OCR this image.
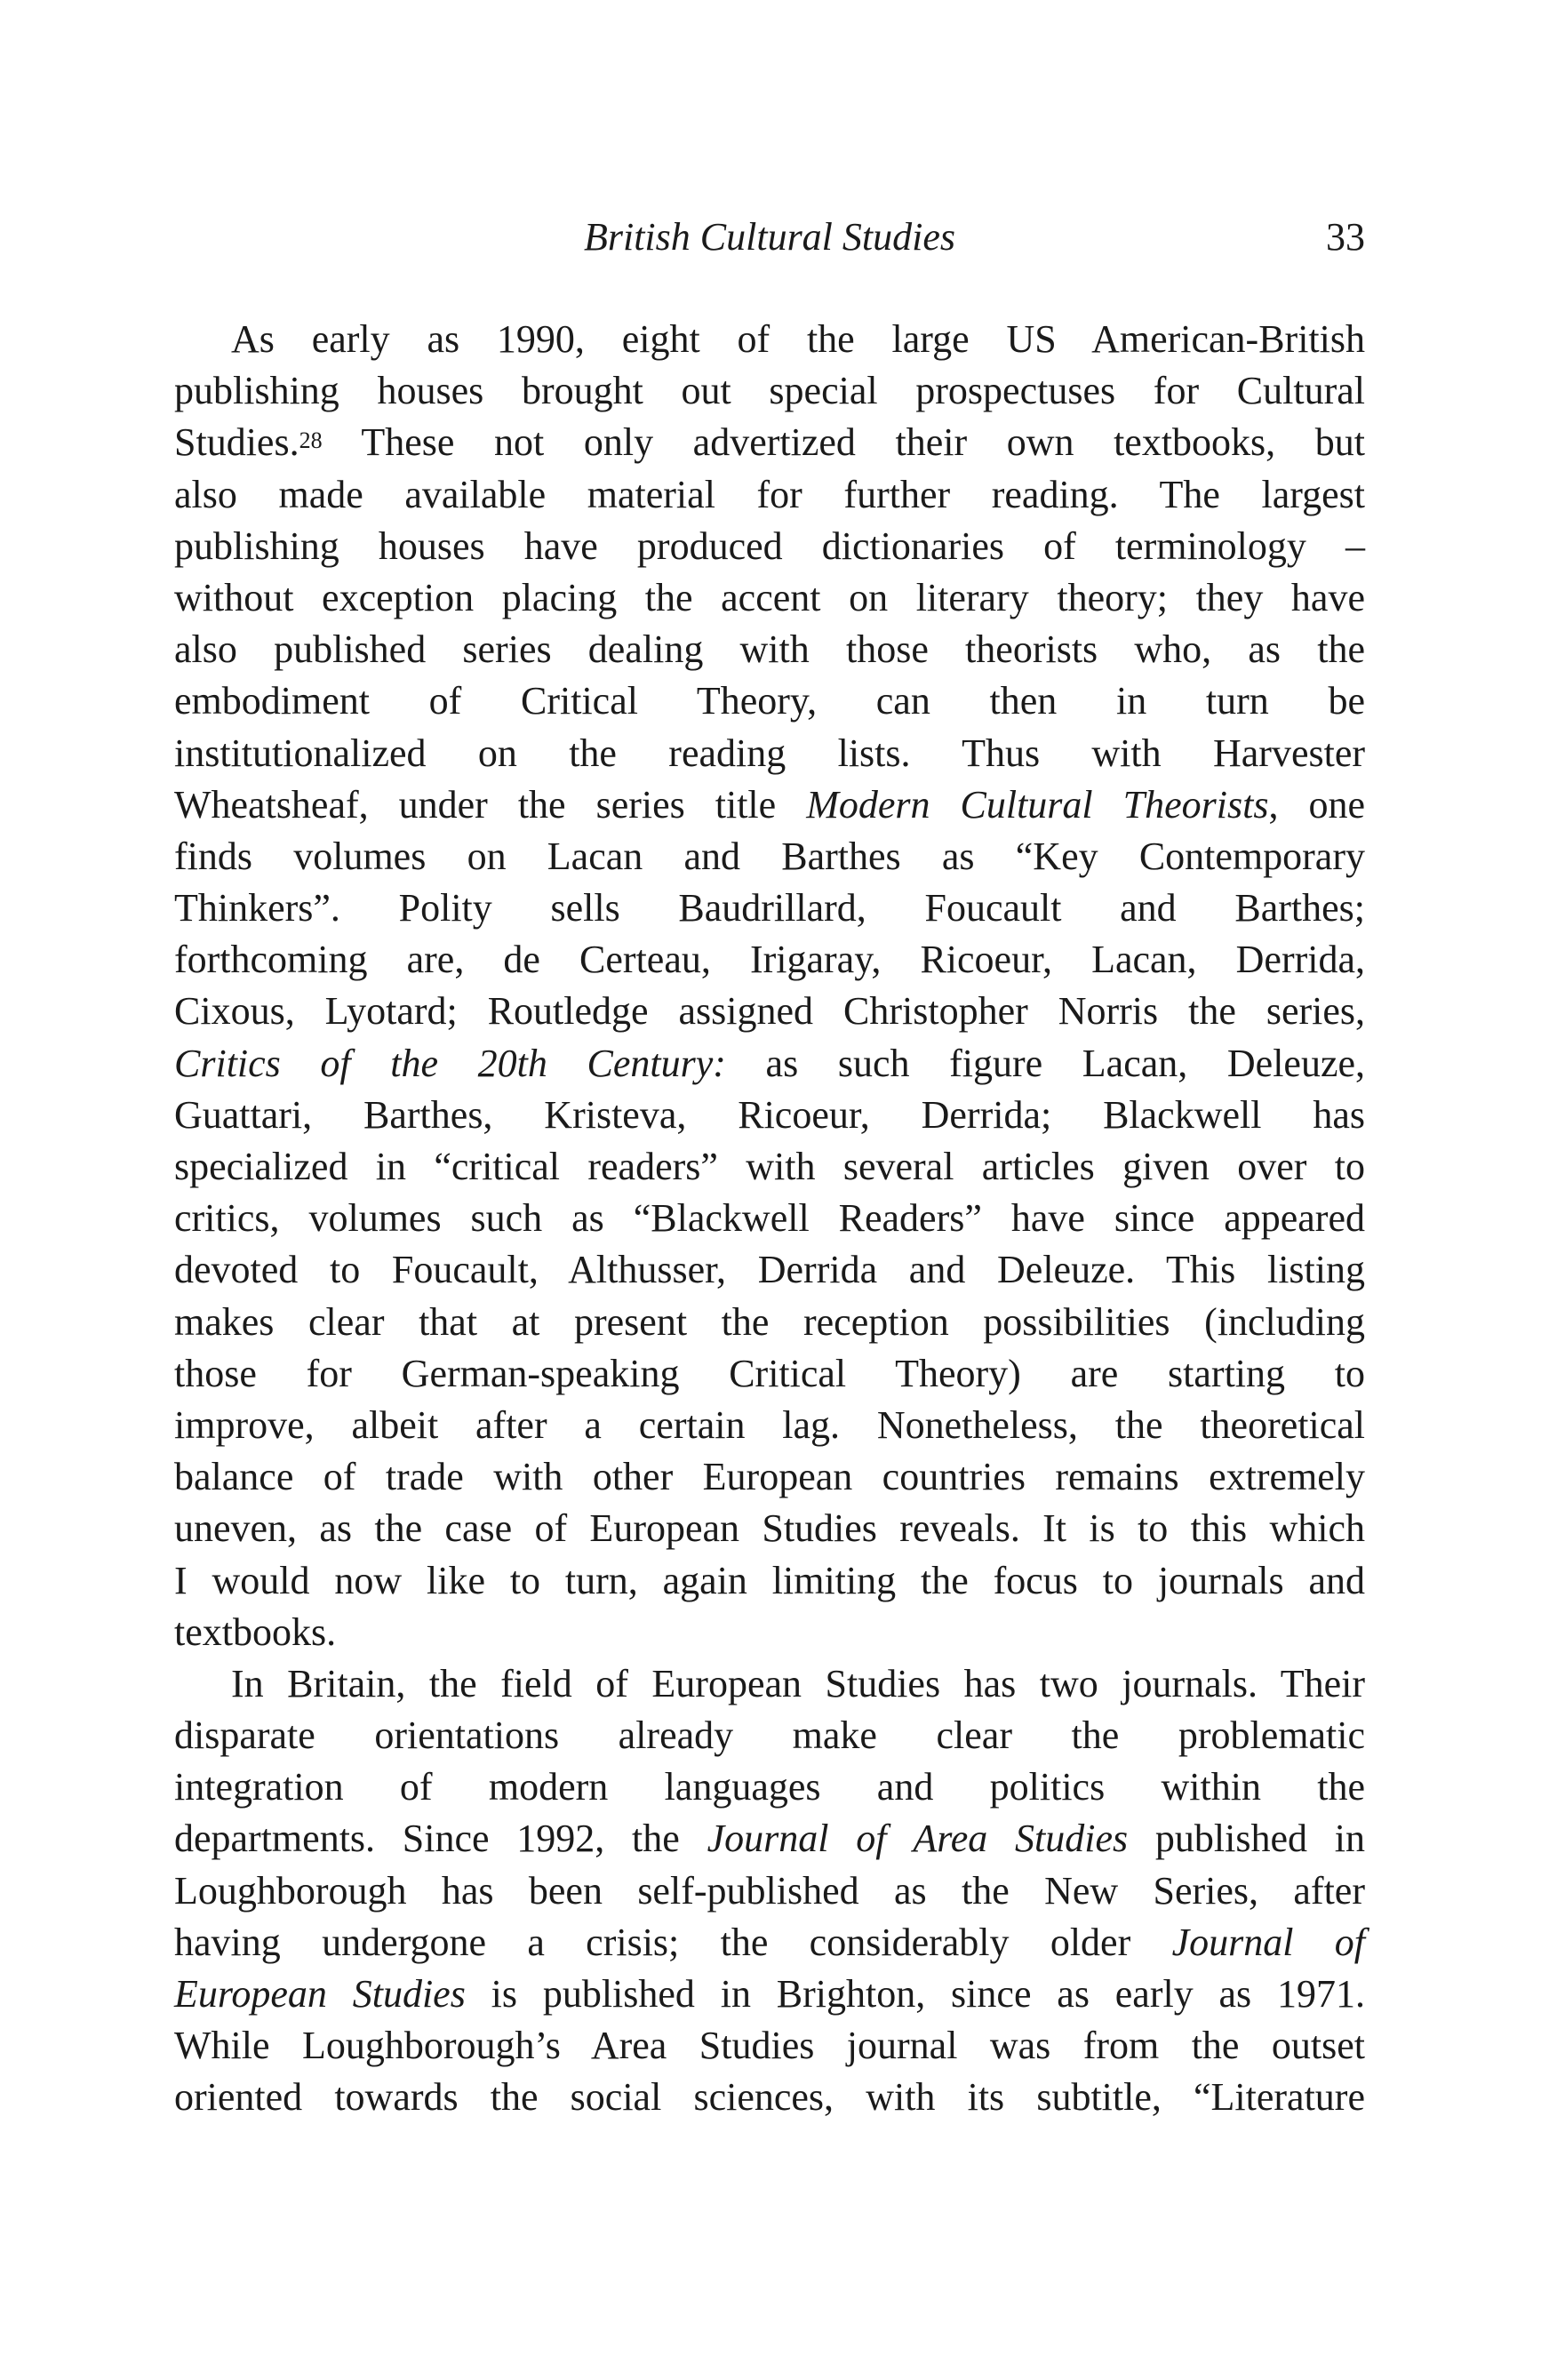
British Cultural Studies	33
As early as 1990, eight of the large US American-British
publishing houses brought out special prospectuses for Cultural
Studies.$^{28}$ These not only advertized their own textbooks, but
also made available material for further reading. The largest
publishing houses have produced dictionaries of terminology –
without exception placing the accent on literary theory; they have
also published series dealing with those theorists who, as the
embodiment of Critical Theory, can then in turn be
institutionalized on the reading lists. Thus with Harvester
Wheatsheaf, under the series title Modern Cultural Theorists, one
finds volumes on Lacan and Barthes as “Key Contemporary
Thinkers”. Polity sells Baudrillard, Foucault and Barthes;
forthcoming are, de Certeau, Irigaray, Ricoeur, Lacan, Derrida,
Cixous, Lyotard; Routledge assigned Christopher Norris the series,
Critics of the 20th Century: as such figure Lacan, Deleuze,
Guattari, Barthes, Kristeva, Ricoeur, Derrida; Blackwell has
specialized in “critical readers” with several articles given over to
critics, volumes such as “Blackwell Readers” have since appeared
devoted to Foucault, Althusser, Derrida and Deleuze. This listing
makes clear that at present the reception possibilities (including
those for German-speaking Critical Theory) are starting to
improve, albeit after a certain lag. Nonetheless, the theoretical
balance of trade with other European countries remains extremely
uneven, as the case of European Studies reveals. It is to this which
I would now like to turn, again limiting the focus to journals and
textbooks.
In Britain, the field of European Studies has two journals. Their
disparate orientations already make clear the problematic
integration of modern languages and politics within the
departments. Since 1992, the Journal of Area Studies published in
Loughborough has been self-published as the New Series, after
having undergone a crisis; the considerably older Journal of
European Studies is published in Brighton, since as early as 1971.
While Loughborough’s Area Studies journal was from the outset
oriented towards the social sciences, with its subtitle, “Literature
